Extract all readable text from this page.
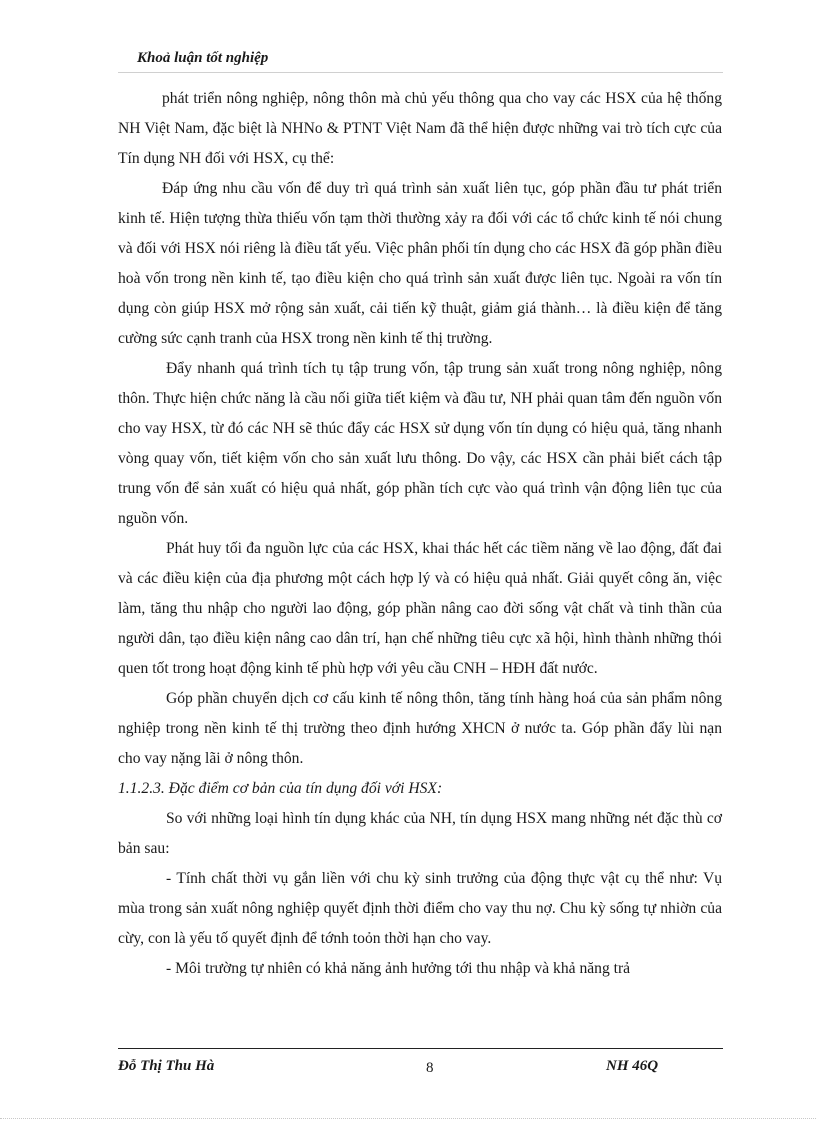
Khoả luận tốt nghiệp

phát triển nông nghiệp, nông thôn mà chủ yếu thông qua cho vay các HSX của hệ thống NH Việt Nam, đặc biệt là NHNo & PTNT Việt Nam đã thể hiện được những vai trò tích cực của Tín dụng NH đối với HSX, cụ thể:

Đáp ứng nhu cầu vốn để duy trì quá trình sản xuất liên tục, góp phần đầu tư phát triển kinh tế. Hiện tượng thừa thiếu vốn tạm thời thường xảy ra đối với các tổ chức kinh tế nói chung và đối với HSX nói riêng là điều tất yếu. Việc phân phối tín dụng cho các HSX đã góp phần điều hoà vốn trong nền kinh tế, tạo điều kiện cho quá trình sản xuất được liên tục. Ngoài ra vốn tín dụng còn giúp HSX mở rộng sản xuất, cải tiến kỹ thuật, giảm giá thành… là điều kiện để tăng cường sức cạnh tranh của HSX trong nền kinh tế thị trường.

Đẩy nhanh quá trình tích tụ tập trung vốn, tập trung sản xuất trong nông nghiệp, nông thôn. Thực hiện chức năng là cầu nối giữa tiết kiệm và đầu tư, NH phải quan tâm đến nguồn vốn cho vay HSX, từ đó các NH sẽ thúc đẩy các HSX sử dụng vốn tín dụng có hiệu quả, tăng nhanh vòng quay vốn, tiết kiệm vốn cho sản xuất lưu thông. Do vậy, các HSX cần phải biết cách tập trung vốn để sản xuất có hiệu quả nhất, góp phần tích cực vào quá trình vận động liên tục của nguồn vốn.

Phát huy tối đa nguồn lực của các HSX, khai thác hết các tiềm năng về lao động, đất đai và các điều kiện của địa phương một cách hợp lý và có hiệu quả nhất. Giải quyết công ăn, việc làm, tăng thu nhập cho người lao động, góp phần nâng cao đời sống vật chất và tinh thần của người dân, tạo điều kiện nâng cao dân trí, hạn chế những tiêu cực xã hội, hình thành những thói quen tốt trong hoạt động kinh tế phù hợp với yêu cầu CNH – HĐH đất nước.

Góp phần chuyển dịch cơ cấu kinh tế nông thôn, tăng tính hàng hoá của sản phẩm nông nghiệp trong nền kinh tế thị trường theo định hướng XHCN ở nước ta. Góp phần đẩy lùi nạn cho vay nặng lãi ở nông thôn.

1.1.2.3. Đặc điểm cơ bản của tín dụng đối với HSX:

So với những loại hình tín dụng khác của NH, tín dụng HSX mang những nét đặc thù cơ bản sau:

- Tính chất thời vụ gắn liền với chu kỳ sinh trưởng của động thực vật cụ thể như: Vụ mùa trong sản xuất nông nghiệp quyết định thời điểm cho vay thu nợ. Chu kỳ sống tự nhiờn của cừy, con là yếu tố quyết định để tớnh toỏn thời hạn cho vay.

- Môi trường tự nhiên có khả năng ảnh hưởng tới thu nhập và khả năng trả

Đỗ Thị Thu Hà	8	NH 46Q
